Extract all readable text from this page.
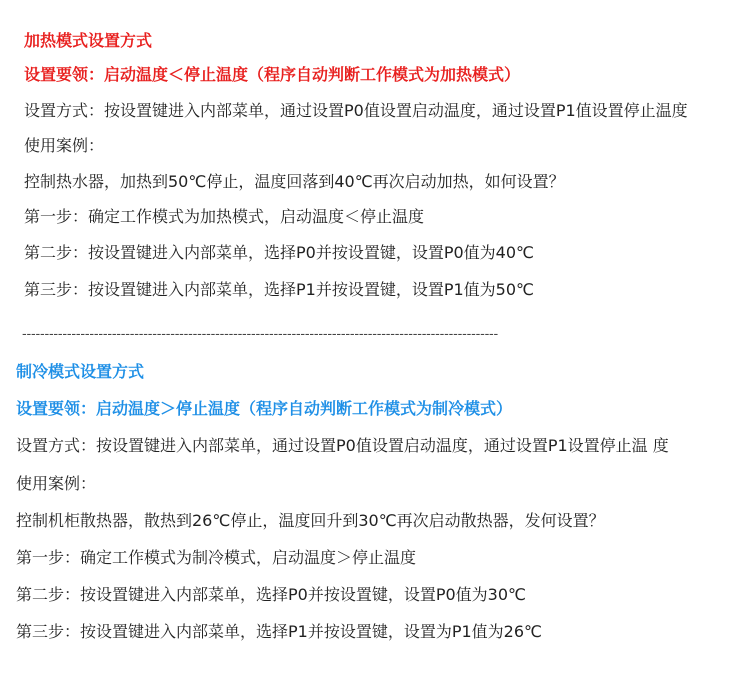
加热模式设置方式
设置要领：启动温度＜停止温度（程序自动判断工作模式为加热模式）
设置方式：按设置键进入内部菜单，通过设置P0值设置启动温度，通过设置P1值设置停止温度
使用案例：
控制热水器，加热到50℃停止，温度回落到40℃再次启动加热，如何设置？
第一步：确定工作模式为加热模式，启动温度＜停止温度
第二步：按设置键进入内部菜单，选择P0并按设置键，设置P0值为40℃
第三步：按设置键进入内部菜单，选择P1并按设置键，设置P1值为50℃
----------------------------------------------------------------------------------------------------------
制冷模式设置方式
设置要领：启动温度＞停止温度（程序自动判断工作模式为制冷模式）
设置方式：按设置键进入内部菜单，通过设置P0值设置启动温度，通过设置P1设置停止温 度
使用案例：
控制机柜散热器，散热到26℃停止，温度回升到30℃再次启动散热器，发何设置？
第一步：确定工作模式为制冷模式，启动温度＞停止温度
第二步：按设置键进入内部菜单，选择P0并按设置键，设置P0值为30℃
第三步：按设置键进入内部菜单，选择P1并按设置键，设置为P1值为26℃
